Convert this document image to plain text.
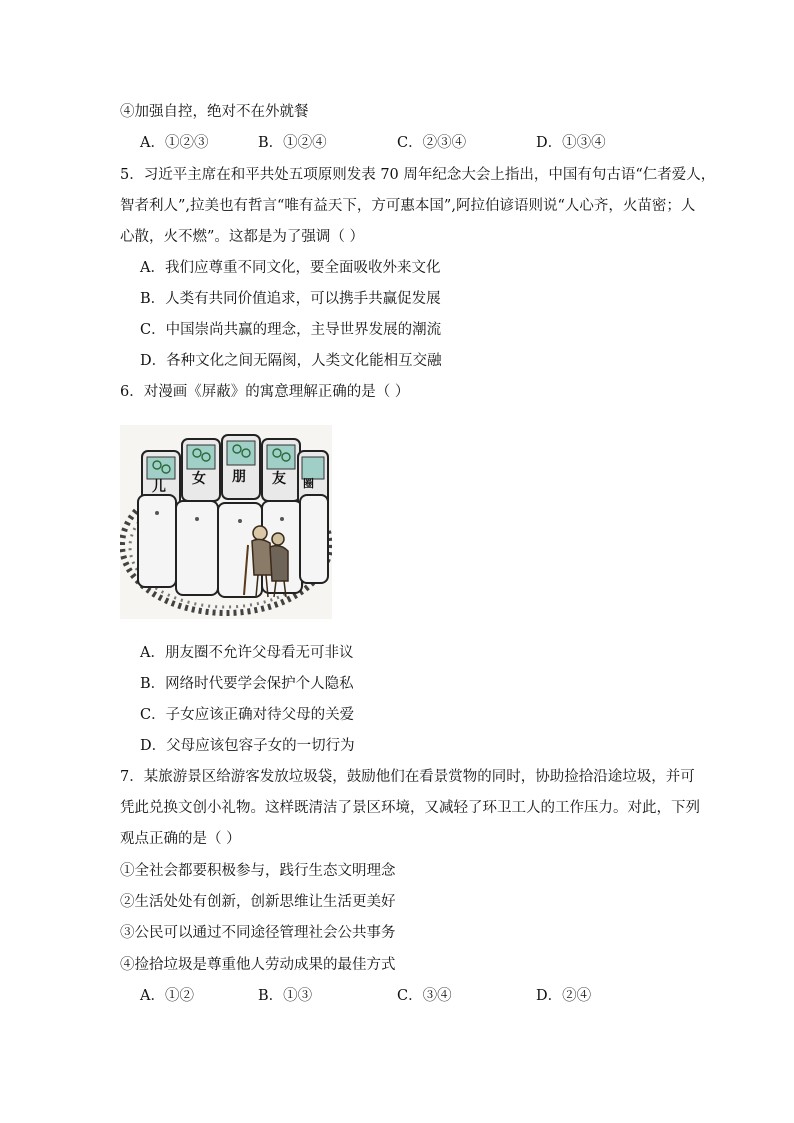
④加强自控，绝对不在外就餐
A．①②③	B．①②④	C．②③④	D．①③④
5．习近平主席在和平共处五项原则发表 70 周年纪念大会上指出，中国有句古语“仁者爱人，
智者利人”,拉美也有哲言“唯有益天下，方可惠本国”,阿拉伯谚语则说“人心齐，火苗密；人
心散，火不燃”。这都是为了强调（ ）
A．我们应尊重不同文化，要全面吸收外来文化
B．人类有共同价值追求，可以携手共赢促发展
C．中国崇尚共赢的理念，主导世界发展的潮流
D．各种文化之间无隔阂，人类文化能相互交融
6．对漫画《屏蔽》的寓意理解正确的是（ ）
儿 女 朋 友 圈
A．朋友圈不允许父母看无可非议
B．网络时代要学会保护个人隐私
C．子女应该正确对待父母的关爱
D．父母应该包容子女的一切行为
7．某旅游景区给游客发放垃圾袋，鼓励他们在看景赏物的同时，协助捡拾沿途垃圾，并可
凭此兑换文创小礼物。这样既清洁了景区环境，又减轻了环卫工人的工作压力。对此，下列
观点正确的是（ ）
①全社会都要积极参与，践行生态文明理念
②生活处处有创新，创新思维让生活更美好
③公民可以通过不同途径管理社会公共事务
④捡拾垃圾是尊重他人劳动成果的最佳方式
A．①②	B．①③	C．③④	D．②④
